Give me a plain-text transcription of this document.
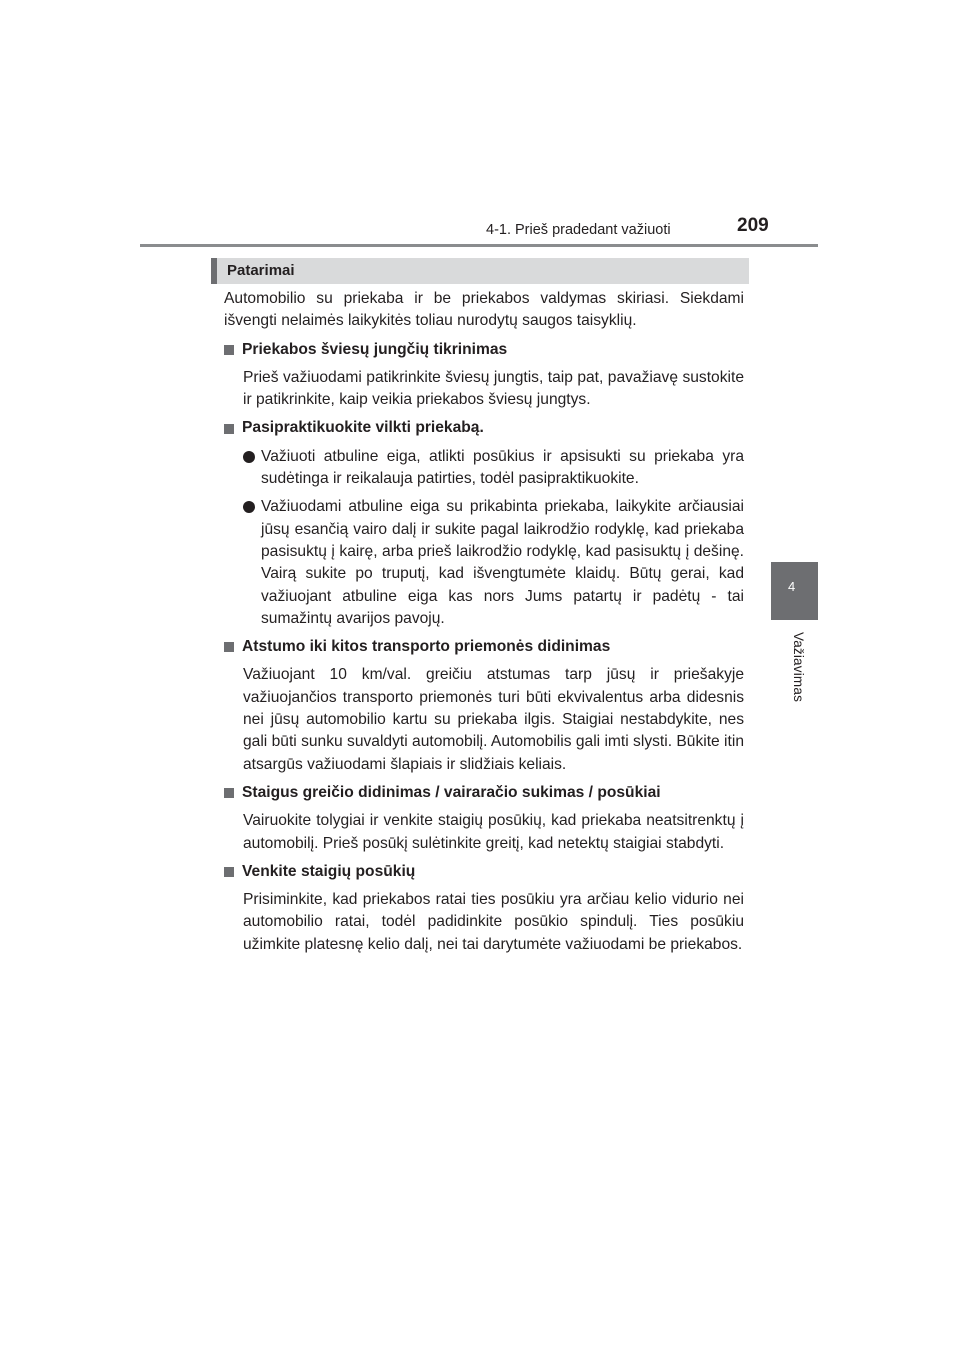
4-1. Prieš pradedant važiuoti	209
4
Važiavimas
Patarimai

Automobilio su priekaba ir be priekabos valdymas skiriasi. Siekdami išvengti nelaimės laikykitės toliau nurodytų saugos taisyklių.

Priekabos šviesų jungčių tikrinimas

Prieš važiuodami patikrinkite šviesų jungtis, taip pat, pavažiavę sustokite ir patikrinkite, kaip veikia priekabos šviesų jungtys.

Pasipraktikuokite vilkti priekabą.

Važiuoti atbuline eiga, atlikti posūkius ir apsisukti su priekaba yra sudėtinga ir reikalauja patirties, todėl pasipraktikuokite.

Važiuodami atbuline eiga su prikabinta priekaba, laikykite arčiausiai jūsų esančią vairo dalį ir sukite pagal laikrodžio rodyklę, kad priekaba pasisuktų į kairę, arba prieš laikrodžio rodyklę, kad pasisuktų į dešinę. Vairą sukite po truputį, kad išvengtumėte klaidų. Būtų gerai, kad važiuojant atbuline eiga kas nors Jums patartų ir padėtų - tai sumažintų avarijos pavojų.

Atstumo iki kitos transporto priemonės didinimas

Važiuojant 10 km/val. greičiu atstumas tarp jūsų ir priešakyje važiuojančios transporto priemonės turi būti ekvivalentus arba didesnis nei jūsų automobilio kartu su priekaba ilgis. Staigiai nestabdykite, nes gali būti sunku suvaldyti automobilį. Automobilis gali imti slysti. Būkite itin atsargūs važiuodami šlapiais ir slidžiais keliais.

Staigus greičio didinimas / vairaračio sukimas / posūkiai

Vairuokite tolygiai ir venkite staigių posūkių, kad priekaba neatsitrenktų į automobilį. Prieš posūkį sulėtinkite greitį, kad netektų staigiai stabdyti.

Venkite staigių posūkių

Prisiminkite, kad priekabos ratai ties posūkiu yra arčiau kelio vidurio nei automobilio ratai, todėl padidinkite posūkio spindulį. Ties posūkiu užimkite platesnę kelio dalį, nei tai darytumėte važiuodami be priekabos.
